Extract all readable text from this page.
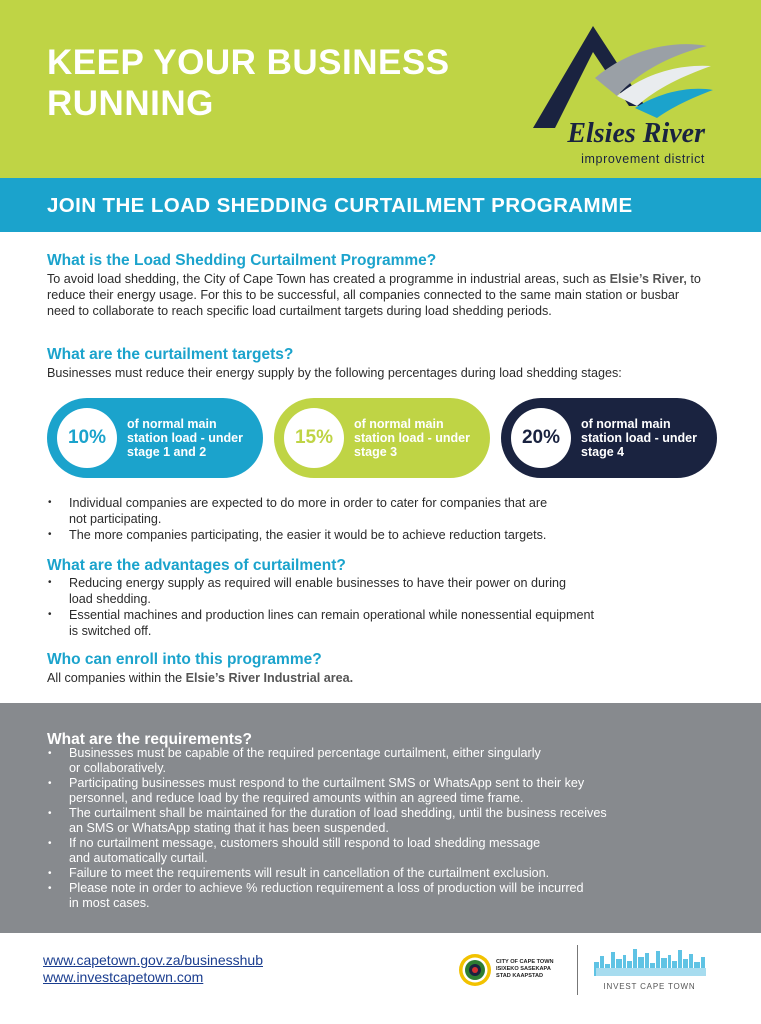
KEEP YOUR BUSINESS
RUNNING
Elsies River
improvement district
JOIN THE LOAD SHEDDING CURTAILMENT PROGRAMME
What is the Load Shedding Curtailment Programme?
To avoid load shedding, the City of Cape Town has created a programme in industrial areas, such as Elsie’s River, to reduce their energy usage. For this to be successful, all companies connected to the same main station or busbar need to collaborate to reach specific load curtailment targets during load shedding periods.
What are the curtailment targets?
Businesses must reduce their energy supply by the following percentages during load shedding stages:
10%
of normal main
station load - under
stage 1 and 2
15%
of normal main
station load - under
stage 3
20%
of normal main
station load - under
stage 4
• Individual companies are expected to do more in order to cater for companies that are
not participating.
• The more companies participating, the easier it would be to achieve reduction targets.
What are the advantages of curtailment?
• Reducing energy supply as required will enable businesses to have their power on during
load shedding.
• Essential machines and production lines can remain operational while nonessential equipment
is switched off.
Who can enroll into this programme?
All companies within the Elsie’s River Industrial area.
What are the requirements?
• Businesses must be capable of the required percentage curtailment, either singularly
or collaboratively.
• Participating businesses must respond to the curtailment SMS or WhatsApp sent to their key
personnel, and reduce load by the required amounts within an agreed time frame.
• The curtailment shall be maintained for the duration of load shedding, until the business receives
an SMS or WhatsApp stating that it has been suspended.
• If no curtailment message, customers should still respond to load shedding message
and automatically curtail.
• Failure to meet the requirements will result in cancellation of the curtailment exclusion.
• Please note in order to achieve % reduction requirement a loss of production will be incurred
in most cases.
www.capetown.gov.za/businesshub
www.investcapetown.com
CITY OF CAPE TOWN
ISIXEKO SASEKAPA
STAD KAAPSTAD
INVEST CAPE TOWN
